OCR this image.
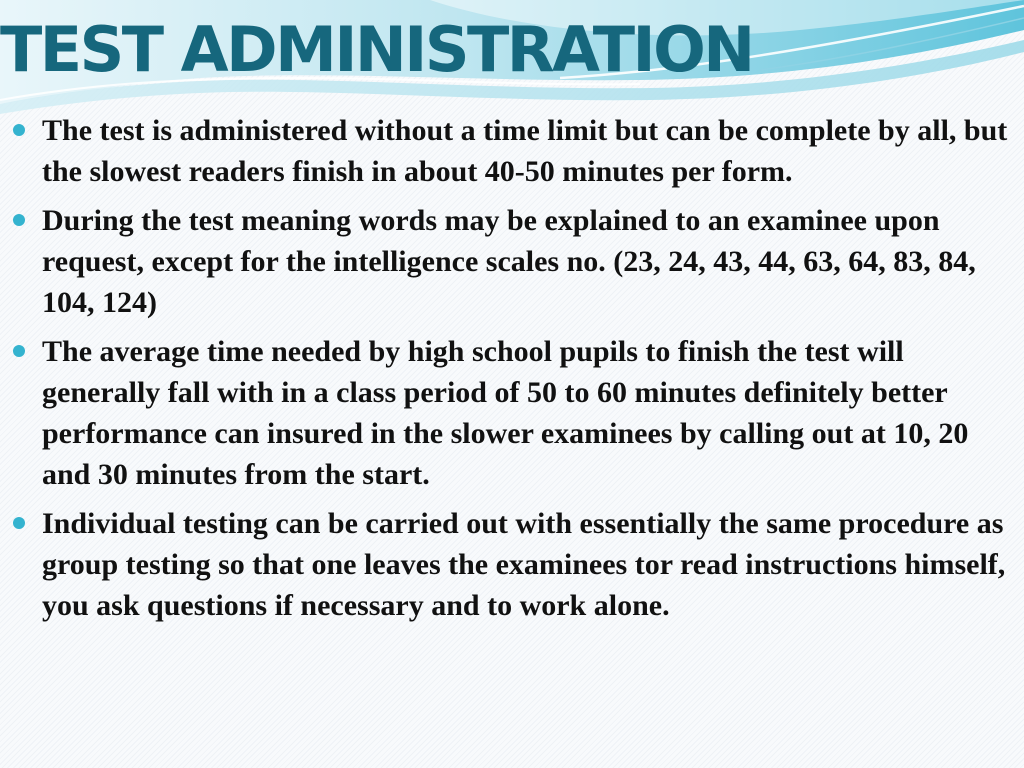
TEST ADMINISTRATION
The test is administered without a time limit but can be complete by all, but the slowest readers finish in about 40-50 minutes per form.
During the test meaning words may be explained to an examinee upon request, except for the intelligence scales no. (23, 24, 43, 44, 63, 64, 83, 84, 104, 124)
The average time needed by high school pupils to finish the test will generally fall with in a class period of 50 to 60 minutes definitely better performance can insured in the slower examinees by calling out at 10, 20 and 30 minutes from the start.
Individual testing can be carried out with essentially the same procedure as group testing so that one leaves the examinees tor read instructions himself, you ask questions if necessary and to work alone.
